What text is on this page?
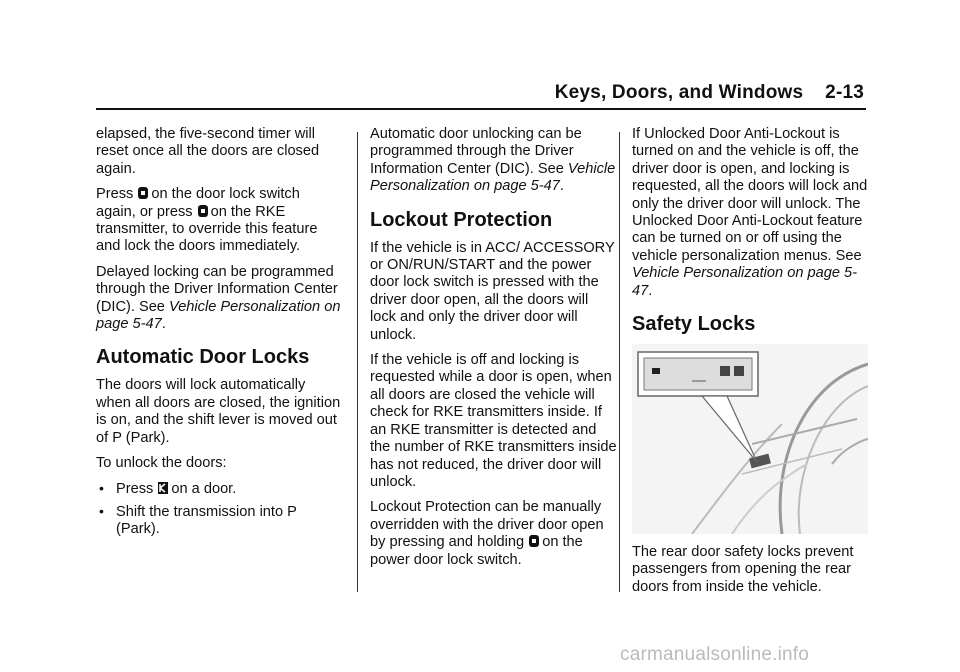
Keys, Doors, and Windows 2-13

elapsed, the five-second timer will reset once all the doors are closed again.

Press on the door lock switch
again, or press on the RKE transmitter, to override this feature and lock the doors immediately.

Delayed locking can be programmed through the Driver Information Center (DIC). See Vehicle Personalization on page 5-47.

Automatic Door Locks

The doors will lock automatically when all doors are closed, the ignition is on, and the shift lever is moved out of P (Park).

To unlock the doors:

• Press on a door.
• Shift the transmission into P (Park).

Automatic door unlocking can be programmed through the Driver Information Center (DIC). See Vehicle Personalization on page 5-47.

Lockout Protection

If the vehicle is in ACC/ ACCESSORY or ON/RUN/START and the power door lock switch is pressed with the driver door open, all the doors will lock and only the driver door will unlock.

If the vehicle is off and locking is requested while a door is open, when all doors are closed the vehicle will check for RKE transmitters inside. If an RKE transmitter is detected and the number of RKE transmitters inside has not reduced, the driver door will unlock.

Lockout Protection can be manually overridden with the driver door open by pressing and holding on the power door lock switch.

If Unlocked Door Anti-Lockout is turned on and the vehicle is off, the driver door is open, and locking is requested, all the doors will lock and only the driver door will unlock. The Unlocked Door Anti-Lockout feature can be turned on or off using the vehicle personalization menus. See Vehicle Personalization on page 5-47.

Safety Locks

The rear door safety locks prevent passengers from opening the rear doors from inside the vehicle.

carmanualsonline.info
